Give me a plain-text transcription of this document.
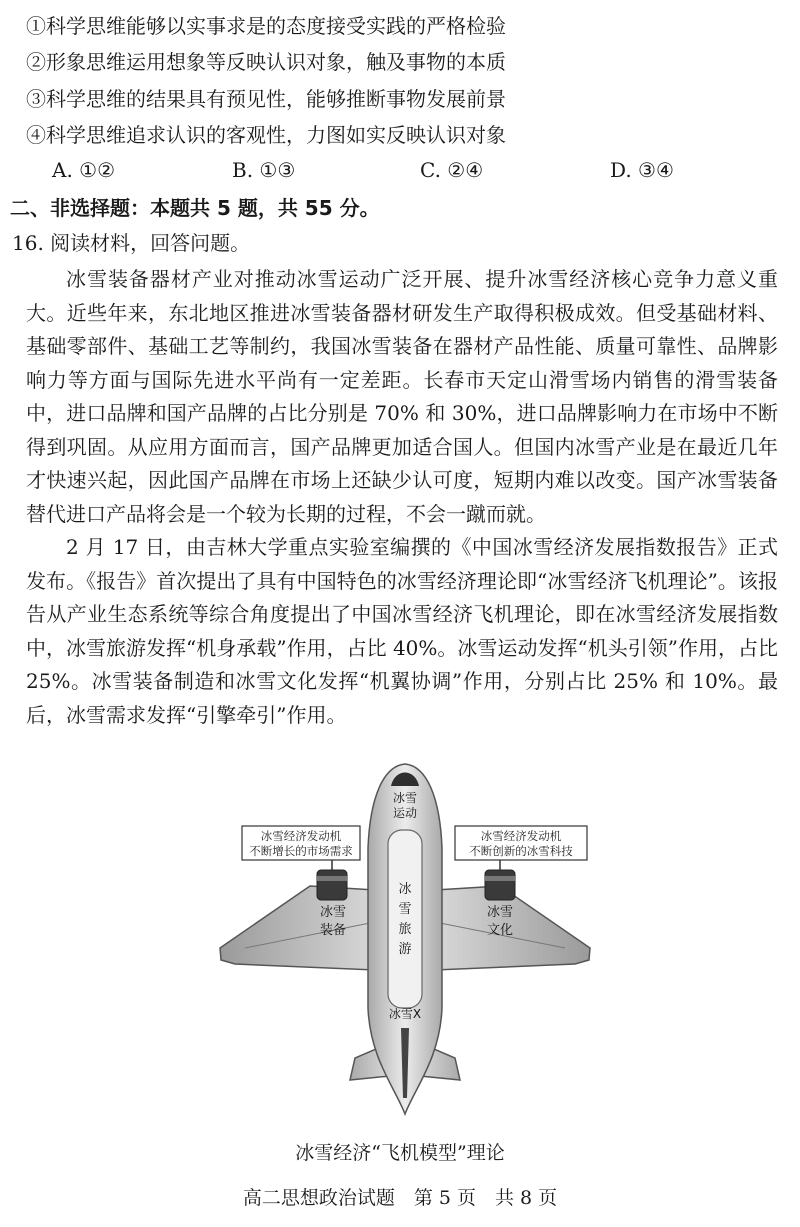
①科学思维能够以实事求是的态度接受实践的严格检验
②形象思维运用想象等反映认识对象，触及事物的本质
③科学思维的结果具有预见性，能够推断事物发展前景
④科学思维追求认识的客观性，力图如实反映认识对象
A. ①②	B. ①③	C. ②④	D. ③④
二、非选择题：本题共 5 题，共 55 分。
16. 阅读材料，回答问题。

冰雪装备器材产业对推动冰雪运动广泛开展、提升冰雪经济核心竞争力意义重大。近些年来，东北地区推进冰雪装备器材研发生产取得积极成效。但受基础材料、基础零部件、基础工艺等制约，我国冰雪装备在器材产品性能、质量可靠性、品牌影响力等方面与国际先进水平尚有一定差距。长春市天定山滑雪场内销售的滑雪装备中，进口品牌和国产品牌的占比分别是 70% 和 30%，进口品牌影响力在市场中不断得到巩固。从应用方面而言，国产品牌更加适合国人。但国内冰雪产业是在最近几年才快速兴起，因此国产品牌在市场上还缺少认可度，短期内难以改变。国产冰雪装备替代进口产品将会是一个较为长期的过程，不会一蹴而就。

2 月 17 日，由吉林大学重点实验室编撰的《中国冰雪经济发展指数报告》正式发布。《报告》首次提出了具有中国特色的冰雪经济理论即“冰雪经济飞机理论”。该报告从产业生态系统等综合角度提出了中国冰雪经济飞机理论，即在冰雪经济发展指数中，冰雪旅游发挥“机身承载”作用，占比 40%。冰雪运动发挥“机头引领”作用，占比 25%。冰雪装备制造和冰雪文化发挥“机翼协调”作用，分别占比 25% 和 10%。最后，冰雪需求发挥“引擎牵引”作用。

冰雪经济发动机
不断增长的市场需求
冰雪经济发动机
不断创新的冰雪科技
冰雪
运动
冰
雪
旅
游
冰雪
装备
冰雪
文化
冰雪X
冰雪经济“飞机模型”理论
高二思想政治试题　第 5 页　共 8 页
